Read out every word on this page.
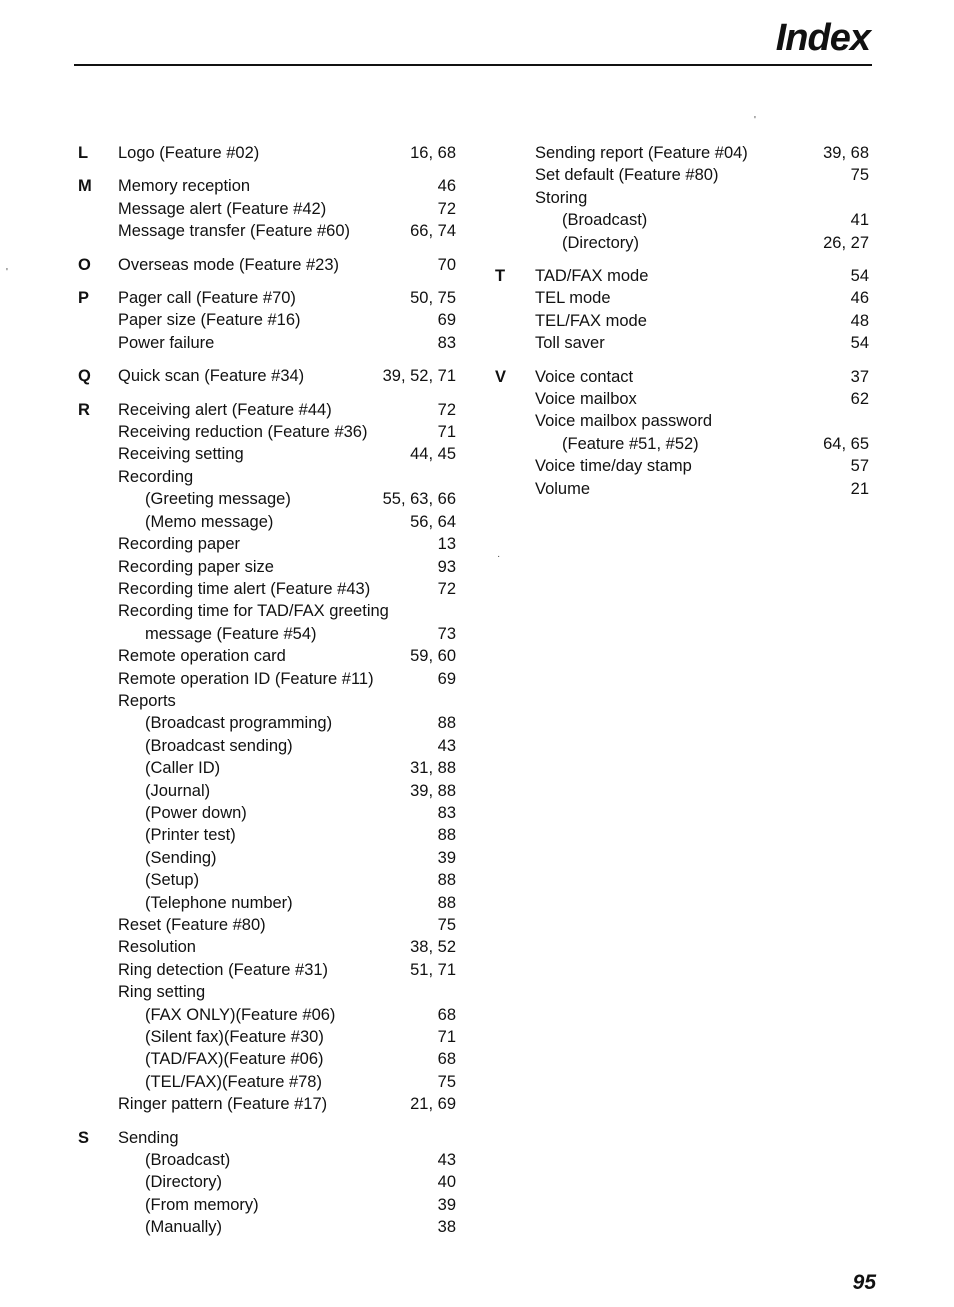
Index
L	Logo (Feature #02)	16, 68
M	Memory reception	46
Message alert (Feature #42)	72
Message transfer (Feature #60)	66, 74
O	Overseas mode (Feature #23)	70
P	Pager call (Feature #70)	50, 75
Paper size (Feature #16)	69
Power failure	83
Q	Quick scan (Feature #34)	39, 52, 71
R	Receiving alert (Feature #44)	72
Receiving reduction (Feature #36)	71
Receiving setting	44, 45
Recording
(Greeting message)	55, 63, 66
(Memo message)	56, 64
Recording paper	13
Recording paper size	93
Recording time alert (Feature #43)	72
Recording time for TAD/FAX greeting
message (Feature #54)	73
Remote operation card	59, 60
Remote operation ID (Feature #11)	69
Reports
(Broadcast programming)	88
(Broadcast sending)	43
(Caller ID)	31, 88
(Journal)	39, 88
(Power down)	83
(Printer test)	88
(Sending)	39
(Setup)	88
(Telephone number)	88
Reset (Feature #80)	75
Resolution	38, 52
Ring detection (Feature #31)	51, 71
Ring setting
(FAX ONLY)(Feature #06)	68
(Silent fax)(Feature #30)	71
(TAD/FAX)(Feature #06)	68
(TEL/FAX)(Feature #78)	75
Ringer pattern (Feature #17)	21, 69
S	Sending
(Broadcast)	43
(Directory)	40
(From memory)	39
(Manually)	38
Sending report (Feature #04)	39, 68
Set default (Feature #80)	75
Storing
(Broadcast)	41
(Directory)	26, 27
T	TAD/FAX mode	54
TEL mode	46
TEL/FAX mode	48
Toll saver	54
V	Voice contact	37
Voice mailbox	62
Voice mailbox password
(Feature #51, #52)	64, 65
Voice time/day stamp	57
Volume	21
'
'
·
95
